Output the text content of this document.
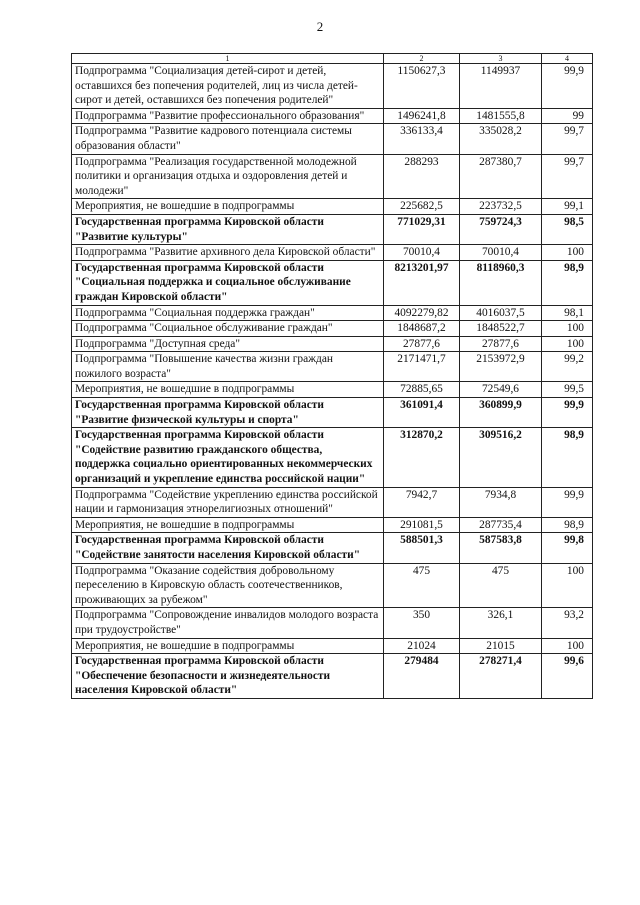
2
1	2	3	4
Подпрограмма "Социализация детей-сирот и детей, оставшихся без попечения родителей, лиц из числа детей-сирот и детей, оставшихся без попечения родителей"	1150627,3	1149937	99,9
Подпрограмма "Развитие профессионального образования"	1496241,8	1481555,8	99
Подпрограмма "Развитие кадрового потенциала системы образования области"	336133,4	335028,2	99,7
Подпрограмма "Реализация государственной молодежной политики и организация отдыха и оздоровления детей и молодежи"	288293	287380,7	99,7
Мероприятия, не вошедшие в подпрограммы	225682,5	223732,5	99,1
Государственная программа Кировской области "Развитие культуры"	771029,31	759724,3	98,5
Подпрограмма "Развитие архивного дела Кировской области"	70010,4	70010,4	100
Государственная программа Кировской области "Социальная поддержка и социальное обслуживание граждан Кировской области"	8213201,97	8118960,3	98,9
Подпрограмма "Социальная поддержка граждан"	4092279,82	4016037,5	98,1
Подпрограмма "Социальное обслуживание граждан"	1848687,2	1848522,7	100
Подпрограмма "Доступная среда"	27877,6	27877,6	100
Подпрограмма "Повышение качества жизни граждан пожилого возраста"	2171471,7	2153972,9	99,2
Мероприятия, не вошедшие в подпрограммы	72885,65	72549,6	99,5
Государственная программа Кировской области "Развитие физической культуры и спорта"	361091,4	360899,9	99,9
Государственная программа Кировской области "Содействие развитию гражданского общества, поддержка социально ориентированных некоммерческих организаций и укрепление единства российской нации"	312870,2	309516,2	98,9
Подпрограмма "Содействие укреплению единства российской нации и гармонизация этнорелигиозных отношений"	7942,7	7934,8	99,9
Мероприятия, не вошедшие в подпрограммы	291081,5	287735,4	98,9
Государственная программа Кировской области "Содействие занятости населения Кировской области"	588501,3	587583,8	99,8
Подпрограмма "Оказание содействия добровольному переселению в Кировскую область соотечественников, проживающих за рубежом"	475	475	100
Подпрограмма "Сопровождение инвалидов молодого возраста при трудоустройстве"	350	326,1	93,2
Мероприятия, не вошедшие в подпрограммы	21024	21015	100
Государственная программа Кировской области "Обеспечение безопасности и жизнедеятельности населения Кировской области"	279484	278271,4	99,6
